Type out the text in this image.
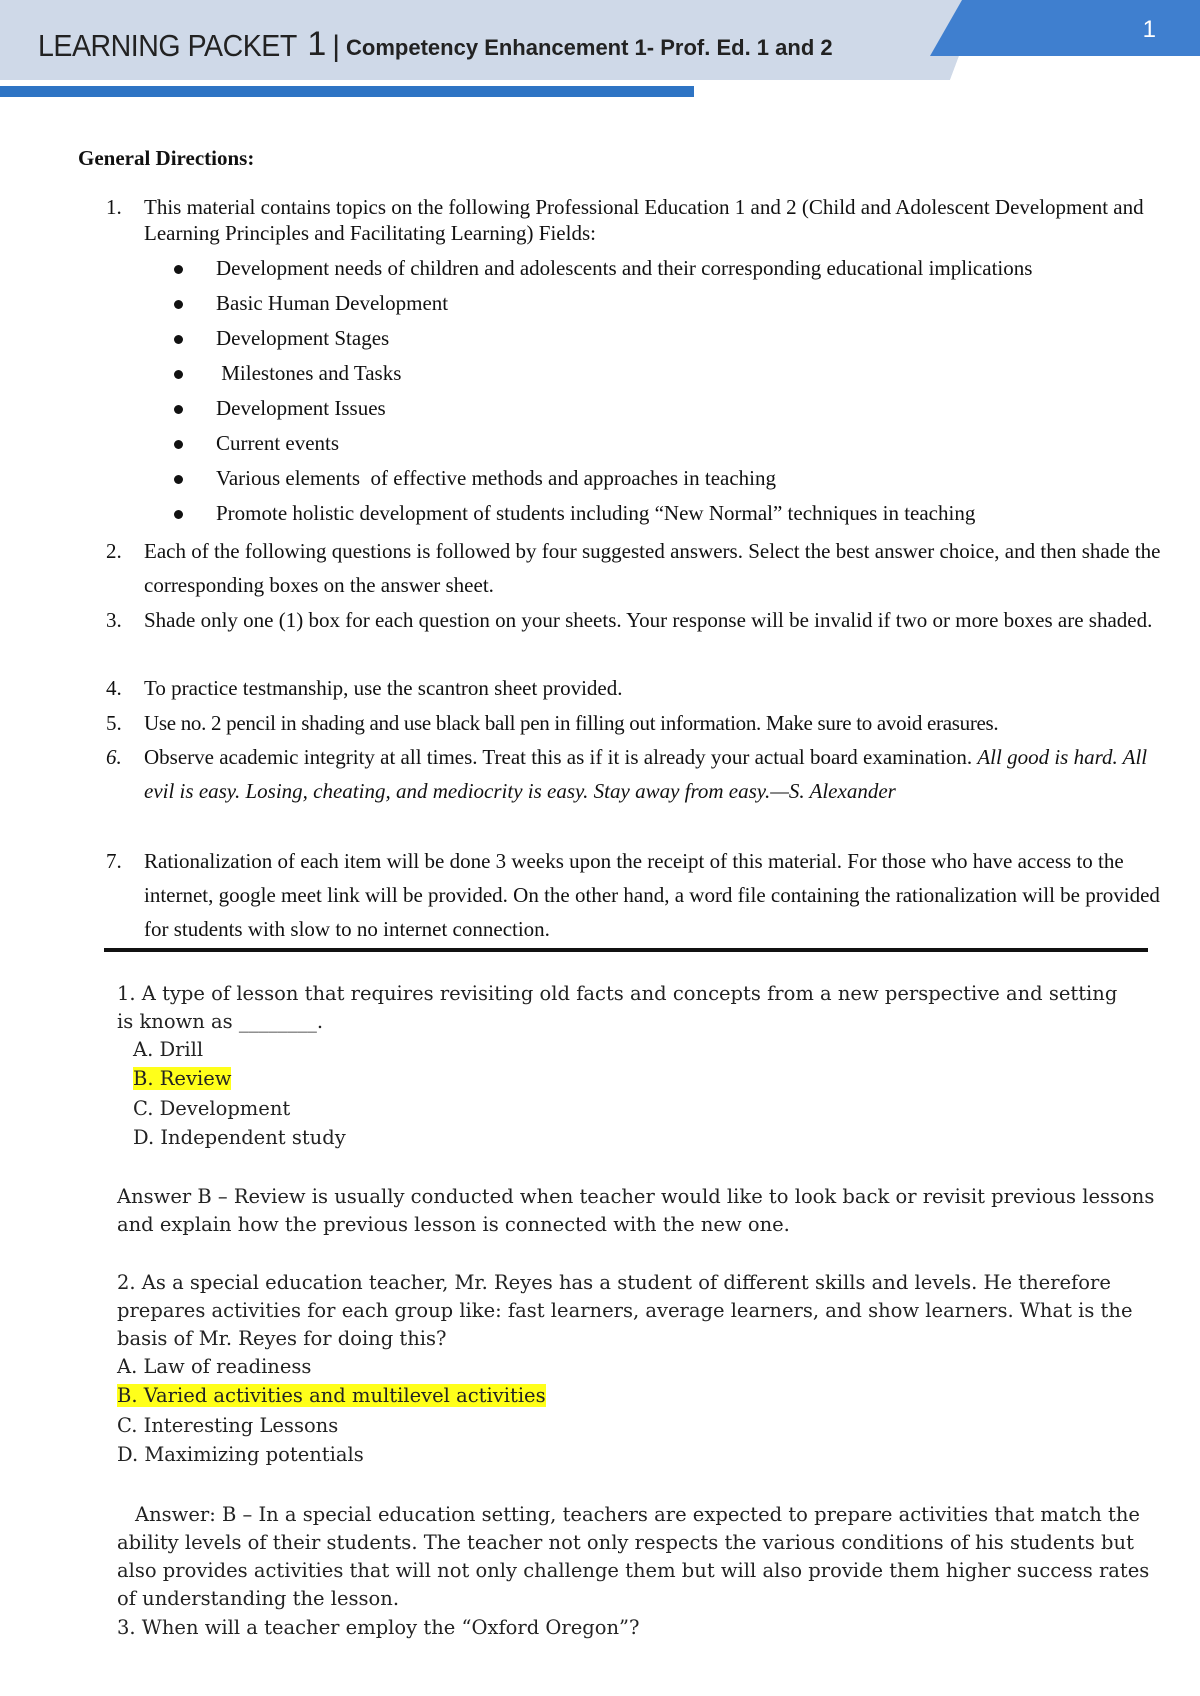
LEARNING PACKET 1 | Competency Enhancement 1- Prof. Ed. 1 and 2
1
General Directions:
1.	This material contains topics on the following Professional Education 1 and 2 (Child and Adolescent Development and Learning Principles and Facilitating Learning) Fields:
Development needs of children and adolescents and their corresponding educational implications
Basic Human Development
Development Stages
Milestones and Tasks
Development Issues
Current events
Various elements  of effective methods and approaches in teaching
Promote holistic development of students including “New Normal” techniques in teaching
2.	Each of the following questions is followed by four suggested answers. Select the best answer choice, and then shade the corresponding boxes on the answer sheet.
3.	Shade only one (1) box for each question on your sheets. Your response will be invalid if two or more boxes are shaded.
4.	To practice testmanship, use the scantron sheet provided.
5.	Use no. 2 pencil in shading and use black ball pen in filling out information. Make sure to avoid erasures.
6.	Observe academic integrity at all times. Treat this as if it is already your actual board examination. All good is hard. All evil is easy. Losing, cheating, and mediocrity is easy. Stay away from easy.—S. Alexander
7.	Rationalization of each item will be done 3 weeks upon the receipt of this material. For those who have access to the internet, google meet link will be provided. On the other hand, a word file containing the rationalization will be provided for students with slow to no internet connection.
1. A type of lesson that requires revisiting old facts and concepts from a new perspective and setting is known as ________.
A. Drill
B. Review
C. Development
D. Independent study
Answer B – Review is usually conducted when teacher would like to look back or revisit previous lessons and explain how the previous lesson is connected with the new one.
2. As a special education teacher, Mr. Reyes has a student of different skills and levels. He therefore prepares activities for each group like: fast learners, average learners, and show learners. What is the basis of Mr. Reyes for doing this?
A. Law of readiness
B. Varied activities and multilevel activities
C. Interesting Lessons
D. Maximizing potentials
Answer: B – In a special education setting, teachers are expected to prepare activities that match the ability levels of their students. The teacher not only respects the various conditions of his students but also provides activities that will not only challenge them but will also provide them higher success rates of understanding the lesson.
3. When will a teacher employ the “Oxford Oregon”?
